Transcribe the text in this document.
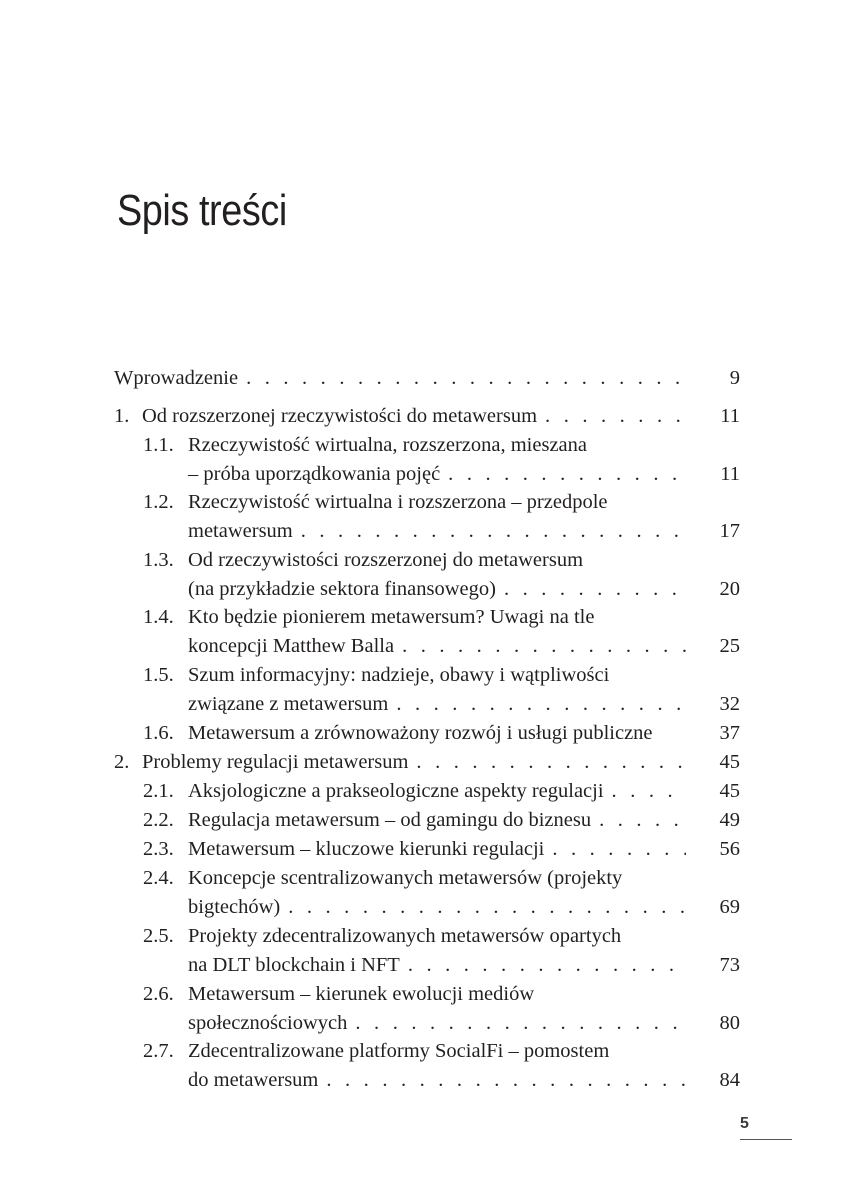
Spis treści
Wprowadzenie . . .	9
1. Od rozszerzonej rzeczywistości do metawersum . . .	11
1.1. Rzeczywistość wirtualna, rozszerzona, mieszana
– próba uporządkowania pojęć . . .	11
1.2. Rzeczywistość wirtualna i rozszerzona – przedpole
metawersum . . .	17
1.3. Od rzeczywistości rozszerzonej do metawersum
(na przykładzie sektora finansowego) . . .	20
1.4. Kto będzie pionierem metawersum? Uwagi na tle
koncepcji Matthew Balla . . .	25
1.5. Szum informacyjny: nadzieje, obawy i wątpliwości
związane z metawersum . . .	32
1.6. Metawersum a zrównoważony rozwój i usługi publiczne	37
2. Problemy regulacji metawersum . . .	45
2.1. Aksjologiczne a prakseologiczne aspekty regulacji . . .	45
2.2. Regulacja metawersum – od gamingu do biznesu . . .	49
2.3. Metawersum – kluczowe kierunki regulacji . . .	56
2.4. Koncepcje scentralizowanych metawersów (projekty
bigtechów) . . .	69
2.5. Projekty zdecentralizowanych metawersów opartych
na DLT blockchain i NFT . . .	73
2.6. Metawersum – kierunek ewolucji mediów
społecznościowych . . .	80
2.7. Zdecentralizowane platformy SocialFi – pomostem
do metawersum . . .	84
5
